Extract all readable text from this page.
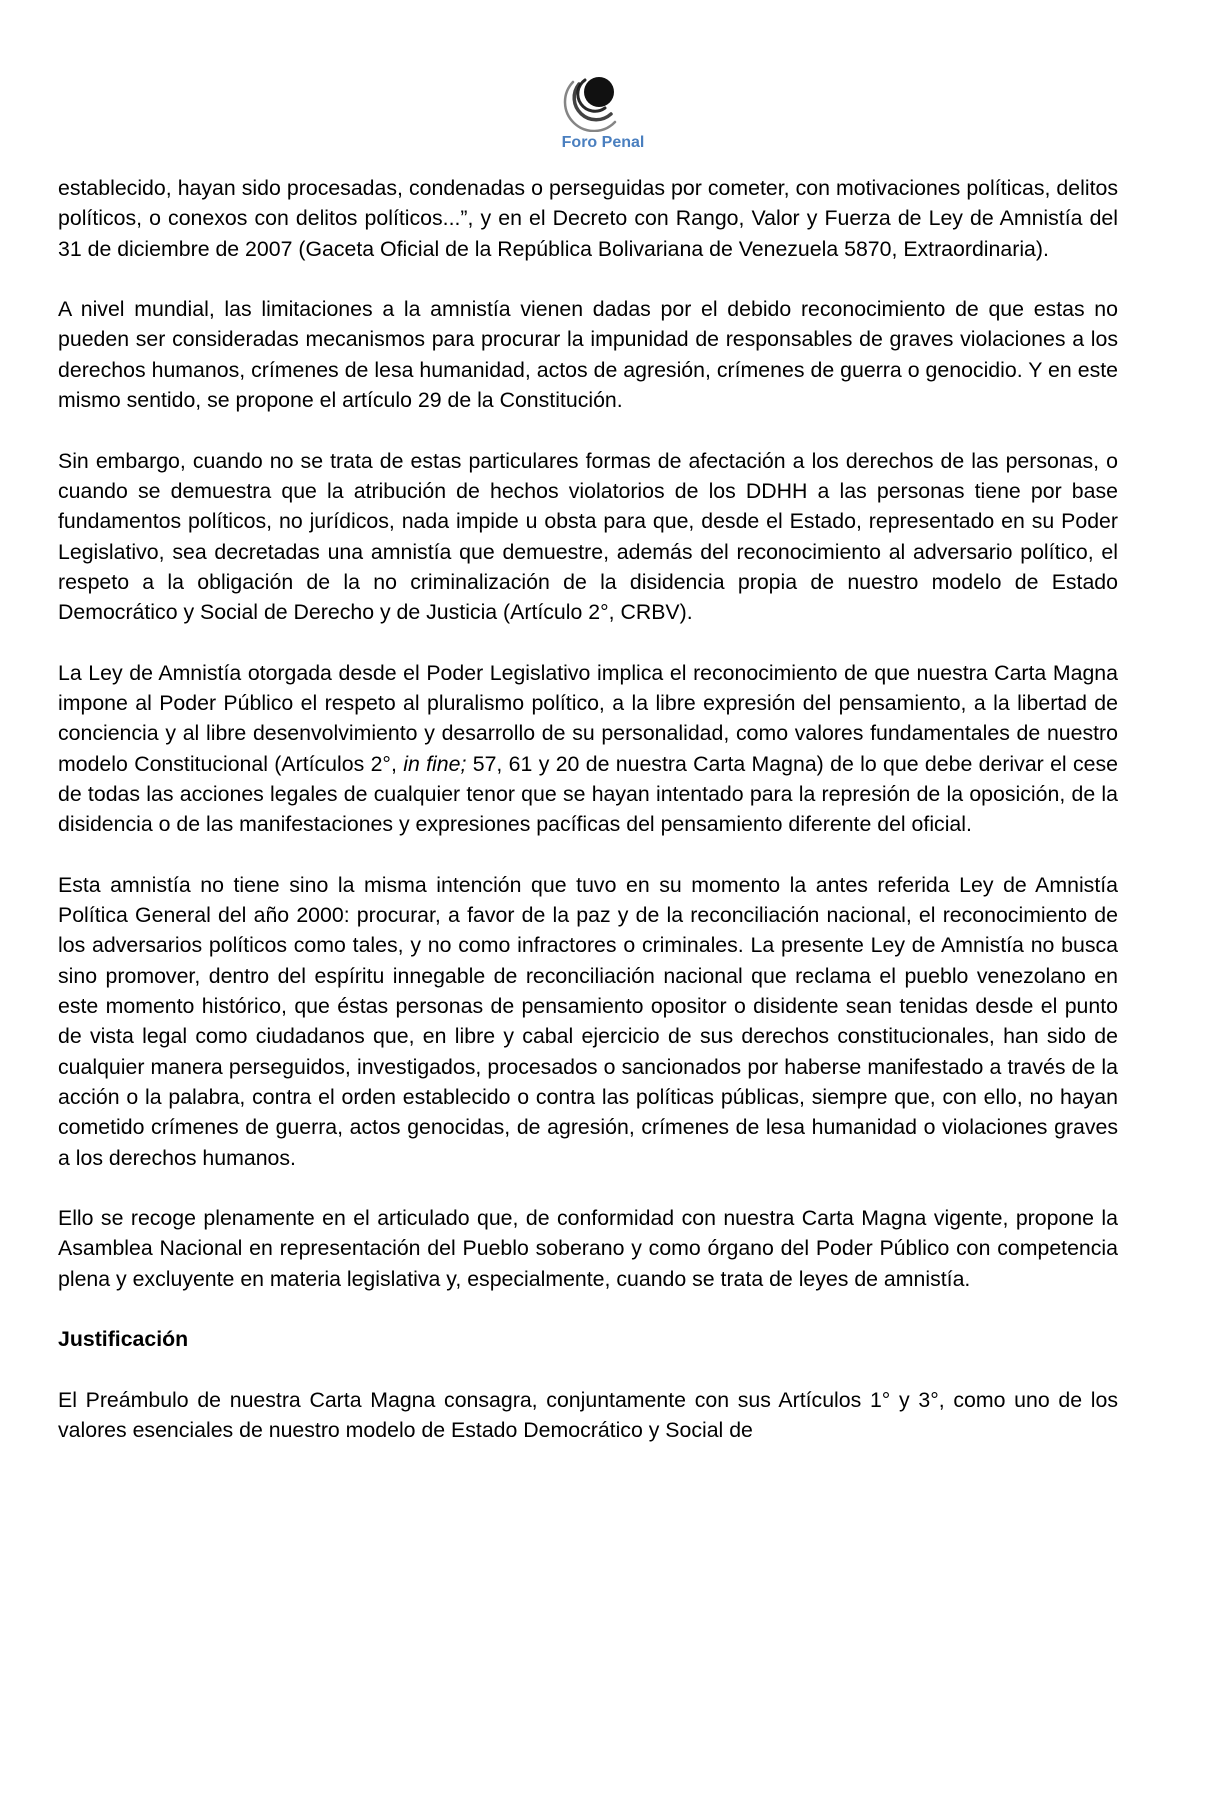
Foro Penal

establecido, hayan sido procesadas, condenadas o perseguidas por cometer, con motivaciones políticas, delitos políticos, o conexos con delitos políticos...”, y en el Decreto con Rango, Valor y Fuerza de Ley de Amnistía del 31 de diciembre de 2007 (Gaceta Oficial de la República Bolivariana de Venezuela 5870, Extraordinaria).

A nivel mundial, las limitaciones a la amnistía vienen dadas por el debido reconocimiento de que estas no pueden ser consideradas mecanismos para procurar la impunidad de responsables de graves violaciones a los derechos humanos, crímenes de lesa humanidad, actos de agresión, crímenes de guerra o genocidio. Y en este mismo sentido, se propone el artículo 29 de la Constitución.

Sin embargo, cuando no se trata de estas particulares formas de afectación a los derechos de las personas, o cuando se demuestra que la atribución de hechos violatorios de los DDHH a las personas tiene por base fundamentos políticos, no jurídicos, nada impide u obsta para que, desde el Estado, representado en su Poder Legislativo, sea decretadas una amnistía que demuestre, además del reconocimiento al adversario político, el respeto a la obligación de la no criminalización de la disidencia propia de nuestro modelo de Estado Democrático y Social de Derecho y de Justicia (Artículo 2°, CRBV).

La Ley de Amnistía otorgada desde el Poder Legislativo implica el reconocimiento de que nuestra Carta Magna impone al Poder Público el respeto al pluralismo político, a la libre expresión del pensamiento, a la libertad de conciencia y al libre desenvolvimiento y desarrollo de su personalidad, como valores fundamentales de nuestro modelo Constitucional (Artículos 2°, in fine; 57, 61 y 20 de nuestra Carta Magna) de lo que debe derivar el cese de todas las acciones legales de cualquier tenor que se hayan intentado para la represión de la oposición, de la disidencia o de las manifestaciones y expresiones pacíficas del pensamiento diferente del oficial.

Esta amnistía no tiene sino la misma intención que tuvo en su momento la antes referida Ley de Amnistía Política General del año 2000: procurar, a favor de la paz y de la reconciliación nacional, el reconocimiento de los adversarios políticos como tales, y no como infractores o criminales. La presente Ley de Amnistía no busca sino promover, dentro del espíritu innegable de reconciliación nacional que reclama el pueblo venezolano en este momento histórico, que éstas personas de pensamiento opositor o disidente sean tenidas desde el punto de vista legal como ciudadanos que, en libre y cabal ejercicio de sus derechos constitucionales, han sido de cualquier manera perseguidos, investigados, procesados o sancionados por haberse manifestado a través de la acción o la palabra, contra el orden establecido o contra las políticas públicas, siempre que, con ello, no hayan cometido crímenes de guerra, actos genocidas, de agresión, crímenes de lesa humanidad o violaciones graves a los derechos humanos.

Ello se recoge plenamente en el articulado que, de conformidad con nuestra Carta Magna vigente, propone la Asamblea Nacional en representación del Pueblo soberano y como órgano del Poder Público con competencia plena y excluyente en materia legislativa y, especialmente, cuando se trata de leyes de amnistía.

Justificación

El Preámbulo de nuestra Carta Magna consagra, conjuntamente con sus Artículos 1° y 3°, como uno de los valores esenciales de nuestro modelo de Estado Democrático y Social de
